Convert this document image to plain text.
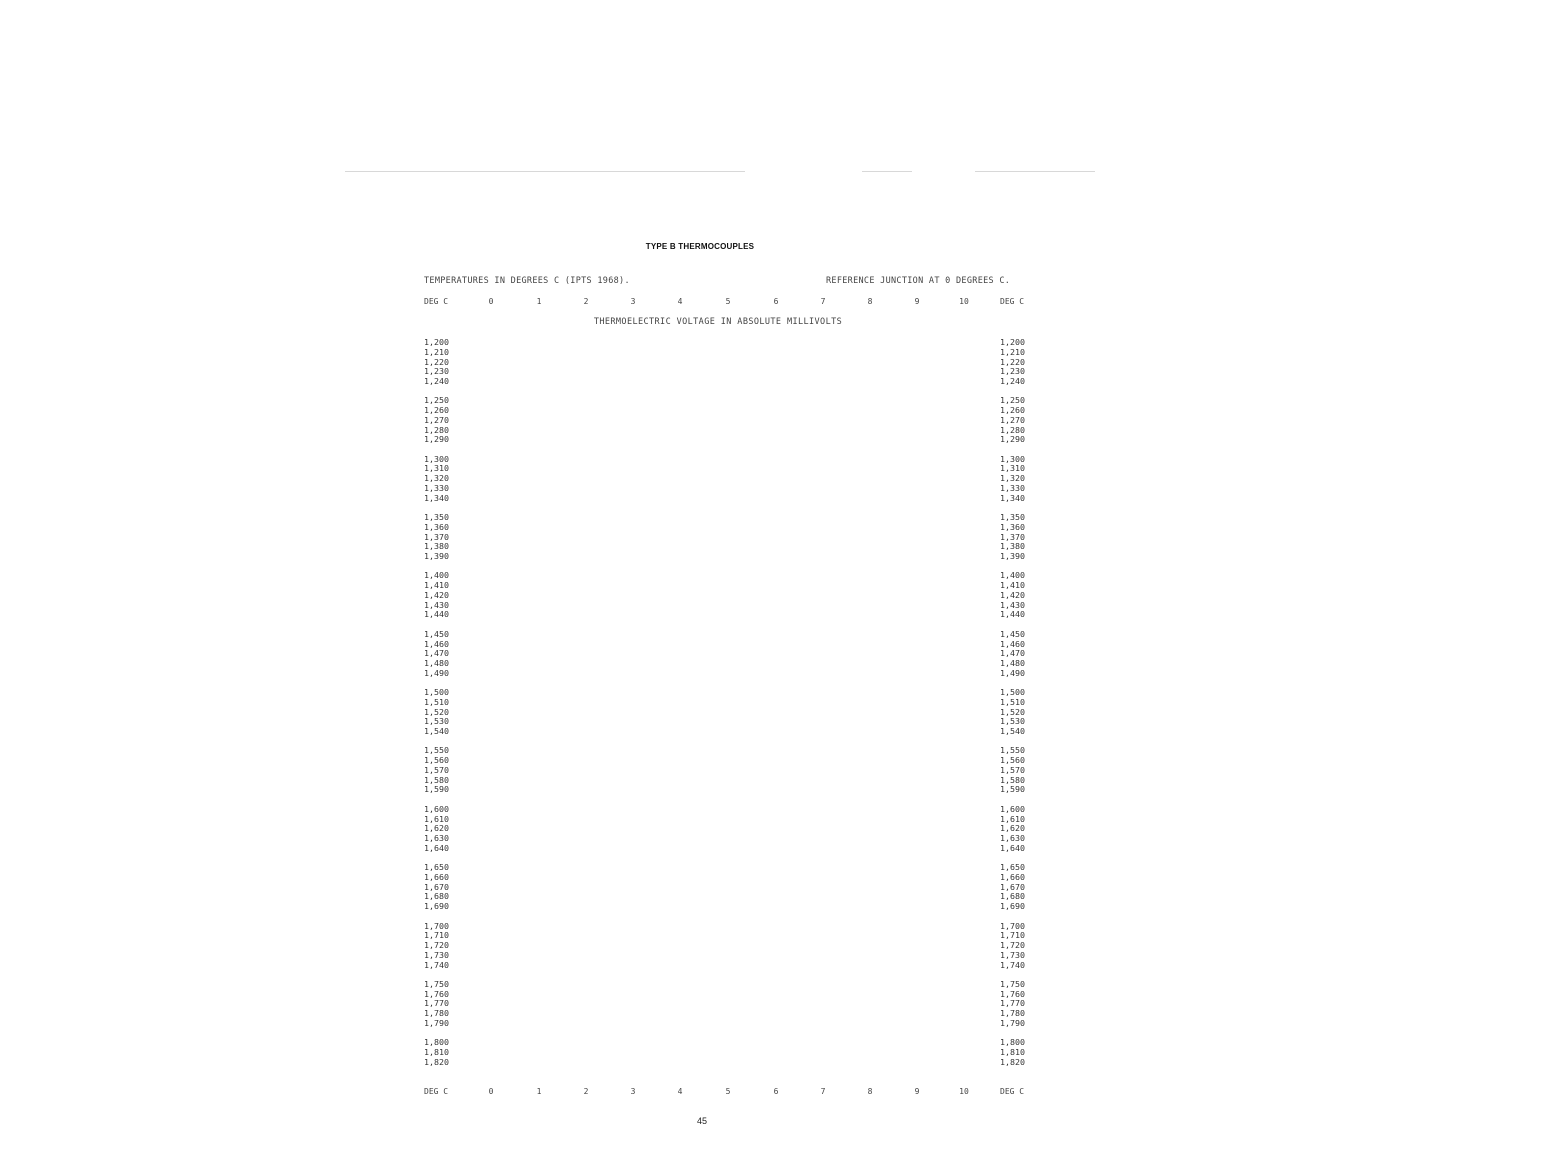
TYPE B THERMOCOUPLES
TEMPERATURES IN DEGREES C (IPTS 1968).	REFERENCE JUNCTION AT 0 DEGREES C.
DEG C	0	1	2	3	4	5	6	7	8	9	10	DEG C
THERMOELECTRIC VOLTAGE IN ABSOLUTE MILLIVOLTS
1,200	1,200
1,210	1,210
1,220	1,220
1,230	1,230
1,240	1,240
1,250	1,250
1,260	1,260
1,270	1,270
1,280	1,280
1,290	1,290
1,300	1,300
1,310	1,310
1,320	1,320
1,330	1,330
1,340	1,340
1,350	1,350
1,360	1,360
1,370	1,370
1,380	1,380
1,390	1,390
1,400	1,400
1,410	1,410
1,420	1,420
1,430	1,430
1,440	1,440
1,450	1,450
1,460	1,460
1,470	1,470
1,480	1,480
1,490	1,490
1,500	1,500
1,510	1,510
1,520	1,520
1,530	1,530
1,540	1,540
1,550	1,550
1,560	1,560
1,570	1,570
1,580	1,580
1,590	1,590
1,600	1,600
1,610	1,610
1,620	1,620
1,630	1,630
1,640	1,640
1,650	1,650
1,660	1,660
1,670	1,670
1,680	1,680
1,690	1,690
1,700	1,700
1,710	1,710
1,720	1,720
1,730	1,730
1,740	1,740
1,750	1,750
1,760	1,760
1,770	1,770
1,780	1,780
1,790	1,790
1,800	1,800
1,810	1,810
1,820	1,820
DEG C	0	1	2	3	4	5	6	7	8	9	10	DEG C
45
